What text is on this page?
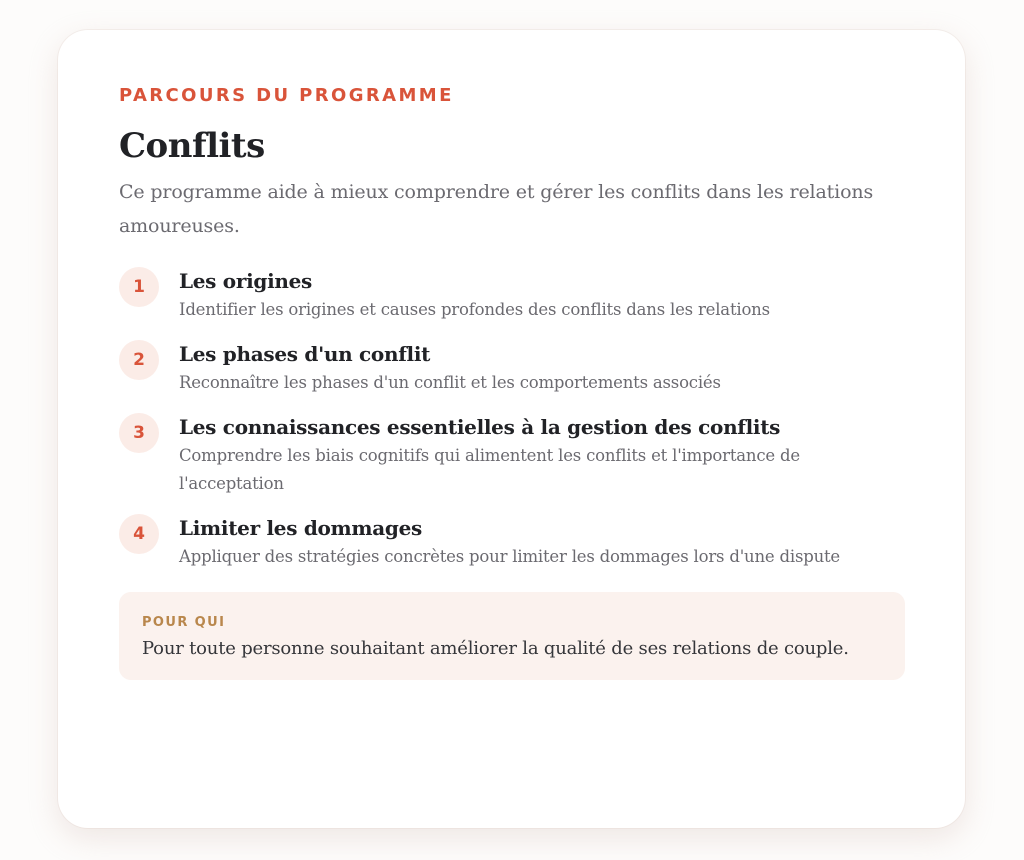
PARCOURS DU PROGRAMME

Conflits

Ce programme aide à mieux comprendre et gérer les conflits dans les relations amoureuses.

1	Les origines

Identifier les origines et causes profondes des conflits dans les relations

2	Les phases d'un conflit

Reconnaître les phases d'un conflit et les comportements associés

3	Les connaissances essentielles à la gestion des conflits

Comprendre les biais cognitifs qui alimentent les conflits et l'importance de l'acceptation

4	Limiter les dommages

Appliquer des stratégies concrètes pour limiter les dommages lors d'une dispute

POUR QUI

Pour toute personne souhaitant améliorer la qualité de ses relations de couple.
